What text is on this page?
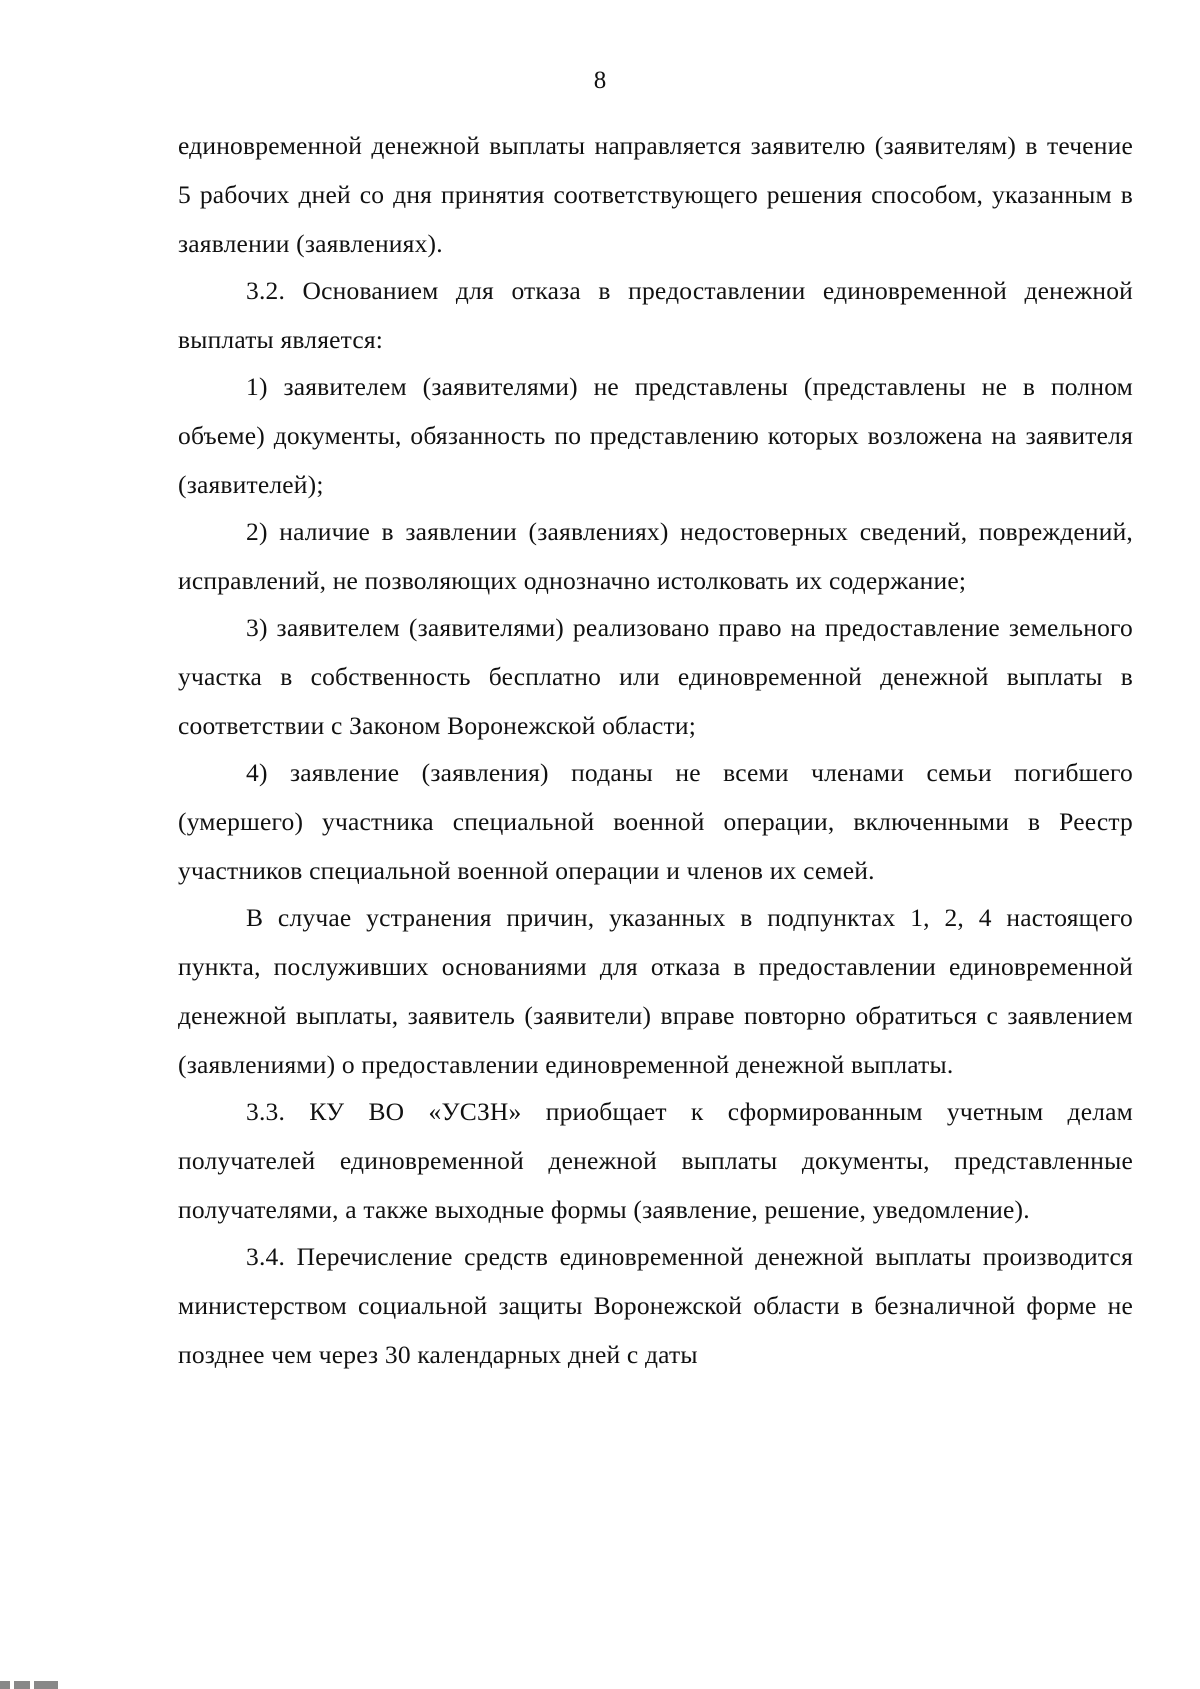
8

единовременной денежной выплаты направляется заявителю (заявителям) в течение 5 рабочих дней со дня принятия соответствующего решения способом, указанным в заявлении (заявлениях).

3.2. Основанием для отказа в предоставлении единовременной денежной выплаты является:

1) заявителем (заявителями) не представлены (представлены не в полном объеме) документы, обязанность по представлению которых возложена на заявителя (заявителей);

2) наличие в заявлении (заявлениях) недостоверных сведений, повреждений, исправлений, не позволяющих однозначно истолковать их содержание;

3) заявителем (заявителями) реализовано право на предоставление земельного участка в собственность бесплатно или единовременной денежной выплаты в соответствии с Законом Воронежской области;

4) заявление (заявления) поданы не всеми членами семьи погибшего (умершего) участника специальной военной операции, включенными в Реестр участников специальной военной операции и членов их семей.

В случае устранения причин, указанных в подпунктах 1, 2, 4 настоящего пункта, послуживших основаниями для отказа в предоставлении единовременной денежной выплаты, заявитель (заявители) вправе повторно обратиться с заявлением (заявлениями) о предоставлении единовременной денежной выплаты.

3.3. КУ ВО «УСЗН» приобщает к сформированным учетным делам получателей единовременной денежной выплаты документы, представленные получателями, а также выходные формы (заявление, решение, уведомление).

3.4. Перечисление средств единовременной денежной выплаты производится министерством социальной защиты Воронежской области в безналичной форме не позднее чем через 30 календарных дней с даты
